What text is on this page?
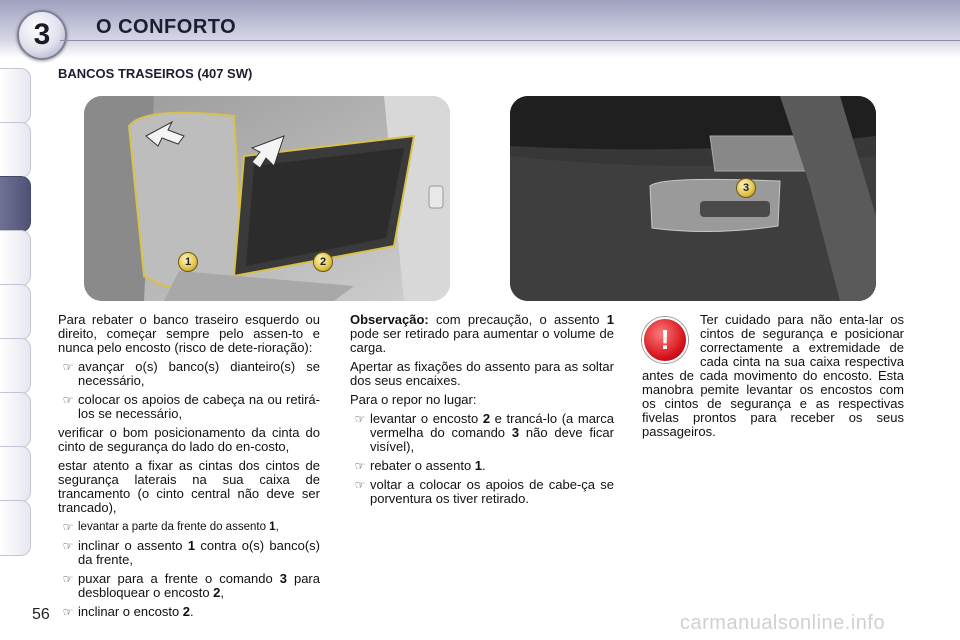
3 O CONFORTO
BANCOS TRASEIROS (407 SW)
1	2
3

Para rebater o banco traseiro esquerdo ou direito, começar sempre pelo assen-to e nunca pelo encosto (risco de dete-rioração):

☞ avançar o(s) banco(s) dianteiro(s) se necessário,
☞ colocar os apoios de cabeça na ou retirá-los se necessário,

verificar o bom posicionamento da cinta do cinto de segurança do lado do en-costo,

estar atento a fixar as cintas dos cintos de segurança laterais na sua caixa de trancamento (o cinto central não deve ser trancado),

☞ levantar a parte da frente do assento 1,
☞ inclinar o assento 1 contra o(s) banco(s) da frente,
☞ puxar para a frente o comando 3 para desbloquear o encosto 2,
☞ inclinar o encosto 2.

Observação: com precaução, o assento 1 pode ser retirado para aumentar o volume de carga.

Apertar as fixações do assento para as soltar dos seus encaixes.

Para o repor no lugar:

☞ levantar o encosto 2 e trancá-lo (a marca vermelha do comando 3 não deve ficar visível),
☞ rebater o assento 1.
☞ voltar a colocar os apoios de cabe-ça se porventura os tiver retirado.
!

Ter cuidado para não enta-lar os cintos de segurança e posicionar correctamente a extremidade de cada cinta na sua caixa respectiva antes de cada movimento do encosto. Esta manobra pemite levantar os encostos com os cintos de segurança e as respectivas fivelas prontos para receber os seus passageiros.

56	carmanualsonline.info
